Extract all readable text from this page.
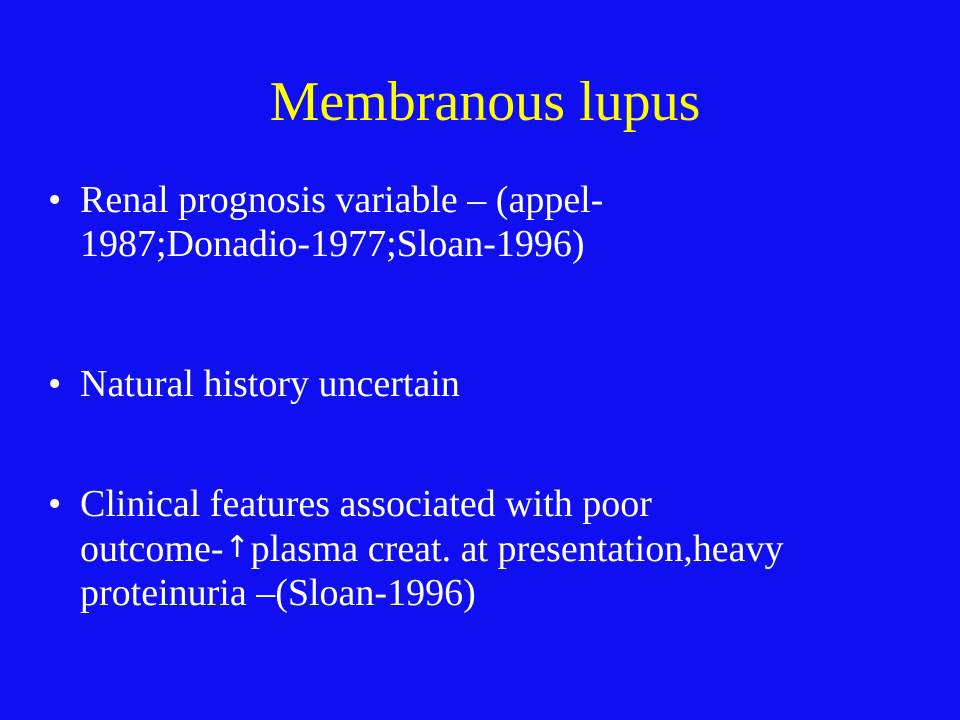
Membranous lupus
• Renal prognosis variable – (appel-
1987;Donadio-1977;Sloan-1996)
• Natural history uncertain
• Clinical features associated with poor
outcome-↑plasma creat. at presentation,heavy
proteinuria –(Sloan-1996)
